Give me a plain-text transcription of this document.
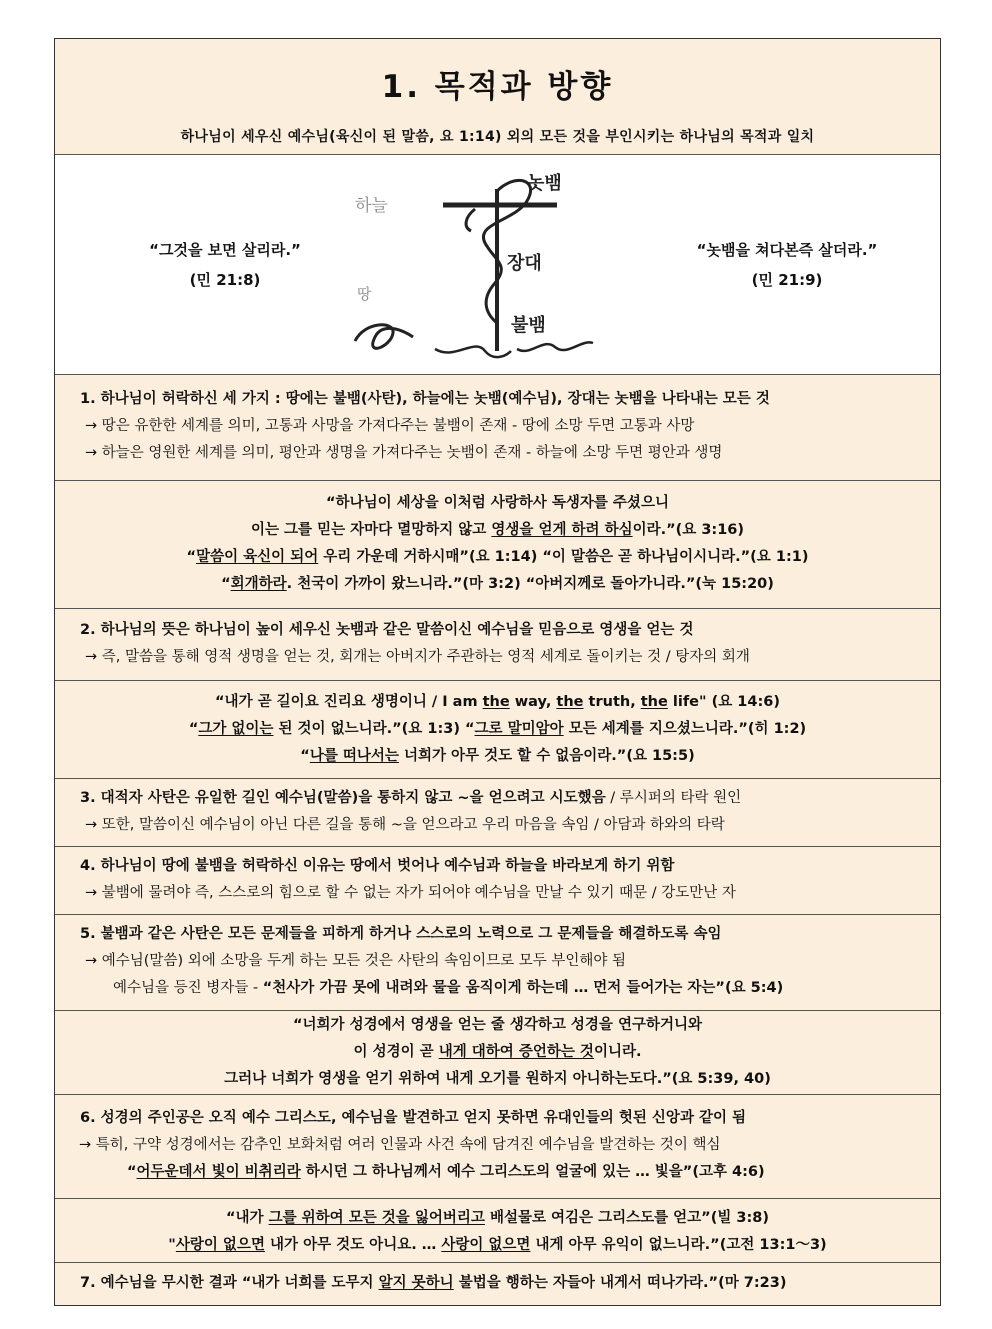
1. 목적과 방향
하나님이 세우신 예수님(육신이 된 말씀, 요 1:14) 외의 모든 것을 부인시키는 하나님의 목적과 일치
“그것을 보면 살리라.”
(민 21:8)
“놋뱀을 쳐다본즉 살더라.”
(민 21:9)
하늘
땅
놋뱀
장대
불뱀
1. 하나님이 허락하신 세 가지 : 땅에는 불뱀(사탄), 하늘에는 놋뱀(예수님), 장대는 놋뱀을 나타내는 모든 것
→ 땅은 유한한 세계를 의미, 고통과 사망을 가져다주는 불뱀이 존재 - 땅에 소망 두면 고통과 사망
→ 하늘은 영원한 세계를 의미, 평안과 생명을 가져다주는 놋뱀이 존재 - 하늘에 소망 두면 평안과 생명
“하나님이 세상을 이처럼 사랑하사 독생자를 주셨으니
이는 그를 믿는 자마다 멸망하지 않고 영생을 얻게 하려 하심이라.”(요 3:16)
“말씀이 육신이 되어 우리 가운데 거하시매”(요 1:14) “이 말씀은 곧 하나님이시니라.”(요 1:1)
“회개하라. 천국이 가까이 왔느니라.”(마 3:2) “아버지께로 돌아가니라.”(눅 15:20)
2. 하나님의 뜻은 하나님이 높이 세우신 놋뱀과 같은 말씀이신 예수님을 믿음으로 영생을 얻는 것
→ 즉, 말씀을 통해 영적 생명을 얻는 것, 회개는 아버지가 주관하는 영적 세계로 돌이키는 것 / 탕자의 회개
“내가 곧 길이요 진리요 생명이니 / I am the way, the truth, the life" (요 14:6)
“그가 없이는 된 것이 없느니라.”(요 1:3) “그로 말미암아 모든 세계를 지으셨느니라.”(히 1:2)
“나를 떠나서는 너희가 아무 것도 할 수 없음이라.”(요 15:5)
3. 대적자 사탄은 유일한 길인 예수님(말씀)을 통하지 않고 ~을 얻으려고 시도했음 / 루시퍼의 타락 원인
→ 또한, 말씀이신 예수님이 아닌 다른 길을 통해 ~을 얻으라고 우리 마음을 속임 / 아담과 하와의 타락
4. 하나님이 땅에 불뱀을 허락하신 이유는 땅에서 벗어나 예수님과 하늘을 바라보게 하기 위함
→ 불뱀에 물려야 즉, 스스로의 힘으로 할 수 없는 자가 되어야 예수님을 만날 수 있기 때문 / 강도만난 자
5. 불뱀과 같은 사탄은 모든 문제들을 피하게 하거나 스스로의 노력으로 그 문제들을 해결하도록 속임
→ 예수님(말씀) 외에 소망을 두게 하는 모든 것은 사탄의 속임이므로 모두 부인해야 됨
예수님을 등진 병자들 - “천사가 가끔 못에 내려와 물을 움직이게 하는데 … 먼저 들어가는 자는”(요 5:4)
“너희가 성경에서 영생을 얻는 줄 생각하고 성경을 연구하거니와
이 성경이 곧 내게 대하여 증언하는 것이니라.
그러나 너희가 영생을 얻기 위하여 내게 오기를 원하지 아니하는도다.”(요 5:39, 40)
6. 성경의 주인공은 오직 예수 그리스도, 예수님을 발견하고 얻지 못하면 유대인들의 헛된 신앙과 같이 됨
→ 특히, 구약 성경에서는 감추인 보화처럼 여러 인물과 사건 속에 담겨진 예수님을 발견하는 것이 핵심
“어두운데서 빛이 비취리라 하시던 그 하나님께서 예수 그리스도의 얼굴에 있는 … 빛을”(고후 4:6)
“내가 그를 위하여 모든 것을 잃어버리고 배설물로 여김은 그리스도를 얻고”(빌 3:8)
"사랑이 없으면 내가 아무 것도 아니요. … 사랑이 없으면 내게 아무 유익이 없느니라.”(고전 13:1～3)
7. 예수님을 무시한 결과 “내가 너희를 도무지 알지 못하니 불법을 행하는 자들아 내게서 떠나가라.”(마 7:23)
